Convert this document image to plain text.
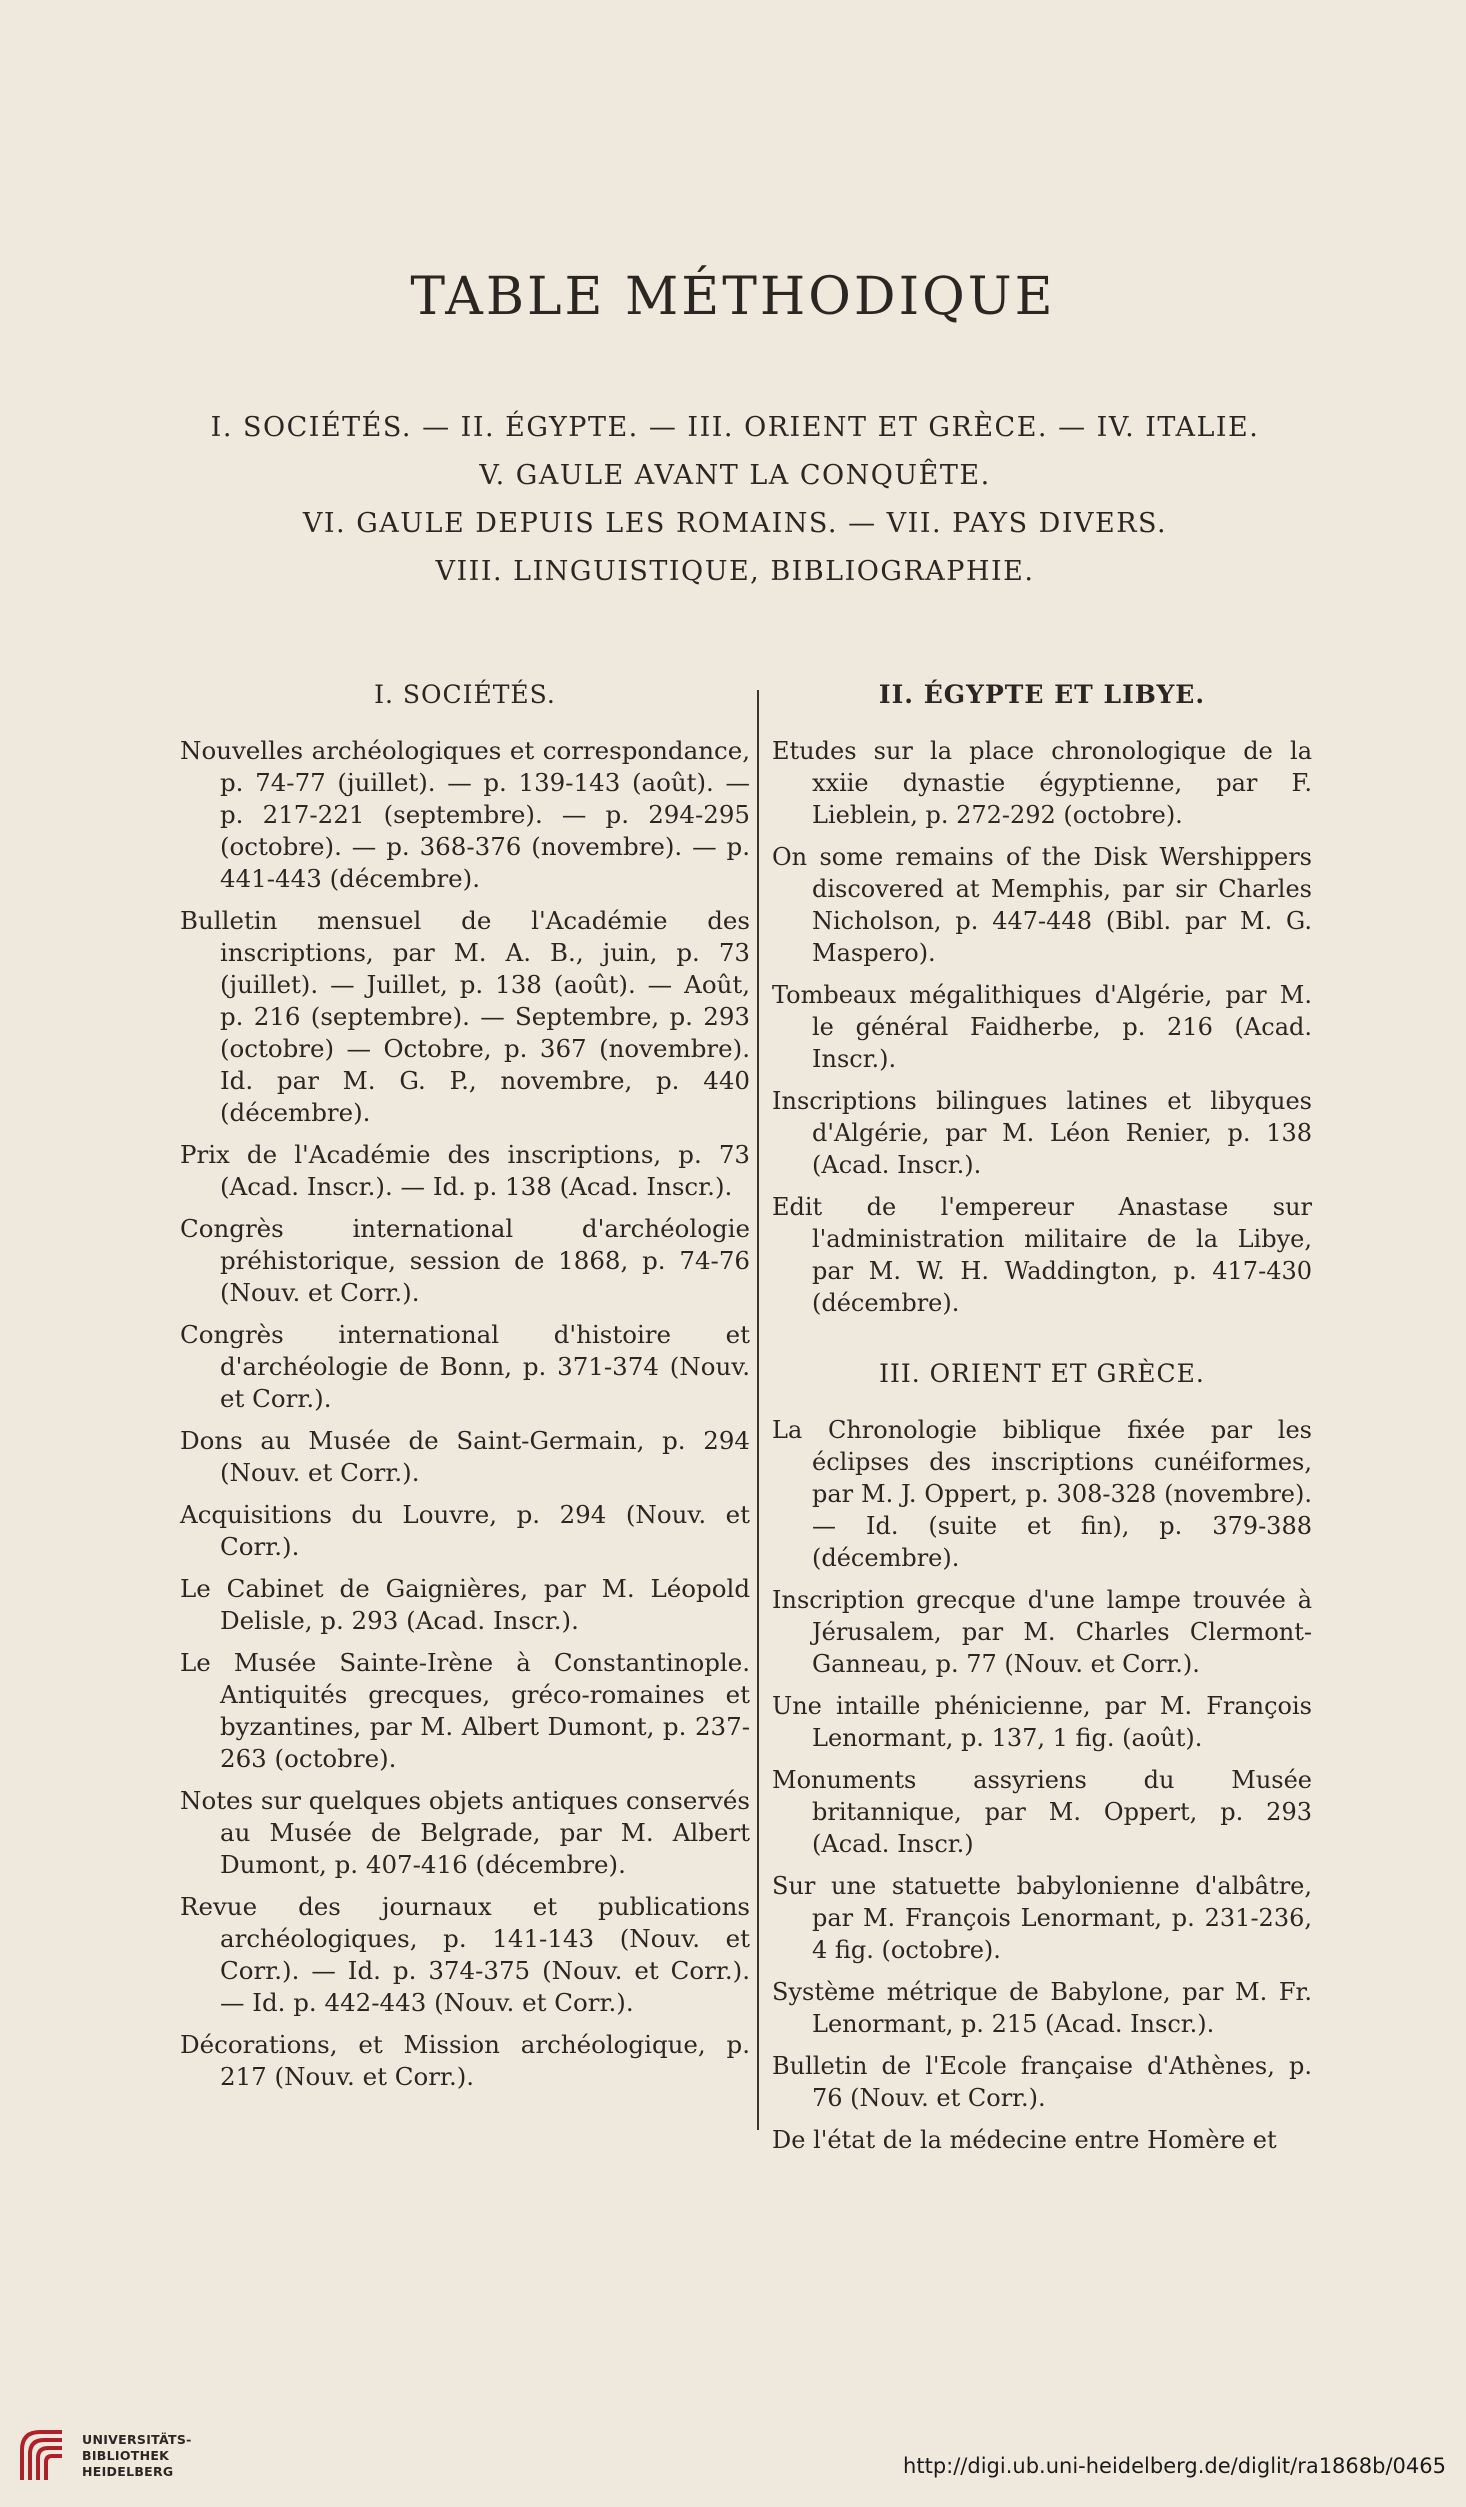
TABLE MÉTHODIQUE
I. SOCIÉTÉS. — II. ÉGYPTE. — III. ORIENT ET GRÈCE. — IV. ITALIE.
V. GAULE AVANT LA CONQUÊTE.
VI. GAULE DEPUIS LES ROMAINS. — VII. PAYS DIVERS.
VIII. LINGUISTIQUE, BIBLIOGRAPHIE.
I. SOCIÉTÉS.

Nouvelles archéologiques et correspondance, p. 74-77 (juillet). — p. 139-143 (août). — p. 217-221 (septembre). — p. 294-295 (octobre). — p. 368-376 (novembre). — p. 441-443 (décembre).

Bulletin mensuel de l'Académie des inscriptions, par M. A. B., juin, p. 73 (juillet). — Juillet, p. 138 (août). — Août, p. 216 (septembre). — Septembre, p. 293 (octobre) — Octobre, p. 367 (novembre). Id. par M. G. P., novembre, p. 440 (décembre).

Prix de l'Académie des inscriptions, p. 73 (Acad. Inscr.). — Id. p. 138 (Acad. Inscr.).

Congrès international d'archéologie préhistorique, session de 1868, p. 74-76 (Nouv. et Corr.).

Congrès international d'histoire et d'archéologie de Bonn, p. 371-374 (Nouv. et Corr.).

Dons au Musée de Saint-Germain, p. 294 (Nouv. et Corr.).

Acquisitions du Louvre, p. 294 (Nouv. et Corr.).

Le Cabinet de Gaignières, par M. Léopold Delisle, p. 293 (Acad. Inscr.).

Le Musée Sainte-Irène à Constantinople. Antiquités grecques, gréco-romaines et byzantines, par M. Albert Dumont, p. 237-263 (octobre).

Notes sur quelques objets antiques conservés au Musée de Belgrade, par M. Albert Dumont, p. 407-416 (décembre).

Revue des journaux et publications archéologiques, p. 141-143 (Nouv. et Corr.). — Id. p. 374-375 (Nouv. et Corr.). — Id. p. 442-443 (Nouv. et Corr.).

Décorations, et Mission archéologique, p. 217 (Nouv. et Corr.).

II. ÉGYPTE ET LIBYE.

Etudes sur la place chronologique de la xxiie dynastie égyptienne, par F. Lieblein, p. 272-292 (octobre).

On some remains of the Disk Wershippers discovered at Memphis, par sir Charles Nicholson, p. 447-448 (Bibl. par M. G. Maspero).

Tombeaux mégalithiques d'Algérie, par M. le général Faidherbe, p. 216 (Acad. Inscr.).

Inscriptions bilingues latines et libyques d'Algérie, par M. Léon Renier, p. 138 (Acad. Inscr.).

Edit de l'empereur Anastase sur l'administration militaire de la Libye, par M. W. H. Waddington, p. 417-430 (décembre).

III. ORIENT ET GRÈCE.

La Chronologie biblique fixée par les éclipses des inscriptions cunéiformes, par M. J. Oppert, p. 308-328 (novembre).— Id. (suite et fin), p. 379-388 (décembre).

Inscription grecque d'une lampe trouvée à Jérusalem, par M. Charles Clermont-Ganneau, p. 77 (Nouv. et Corr.).

Une intaille phénicienne, par M. François Lenormant, p. 137, 1 fig. (août).

Monuments assyriens du Musée britannique, par M. Oppert, p. 293 (Acad. Inscr.)

Sur une statuette babylonienne d'albâtre, par M. François Lenormant, p. 231-236, 4 fig. (octobre).

Système métrique de Babylone, par M. Fr. Lenormant, p. 215 (Acad. Inscr.).

Bulletin de l'Ecole française d'Athènes, p. 76 (Nouv. et Corr.).

De l'état de la médecine entre Homère et

UNIVERSITÄTS-
BIBLIOTHEK
HEIDELBERG	http://digi.ub.uni-heidelberg.de/diglit/ra1868b/0465
